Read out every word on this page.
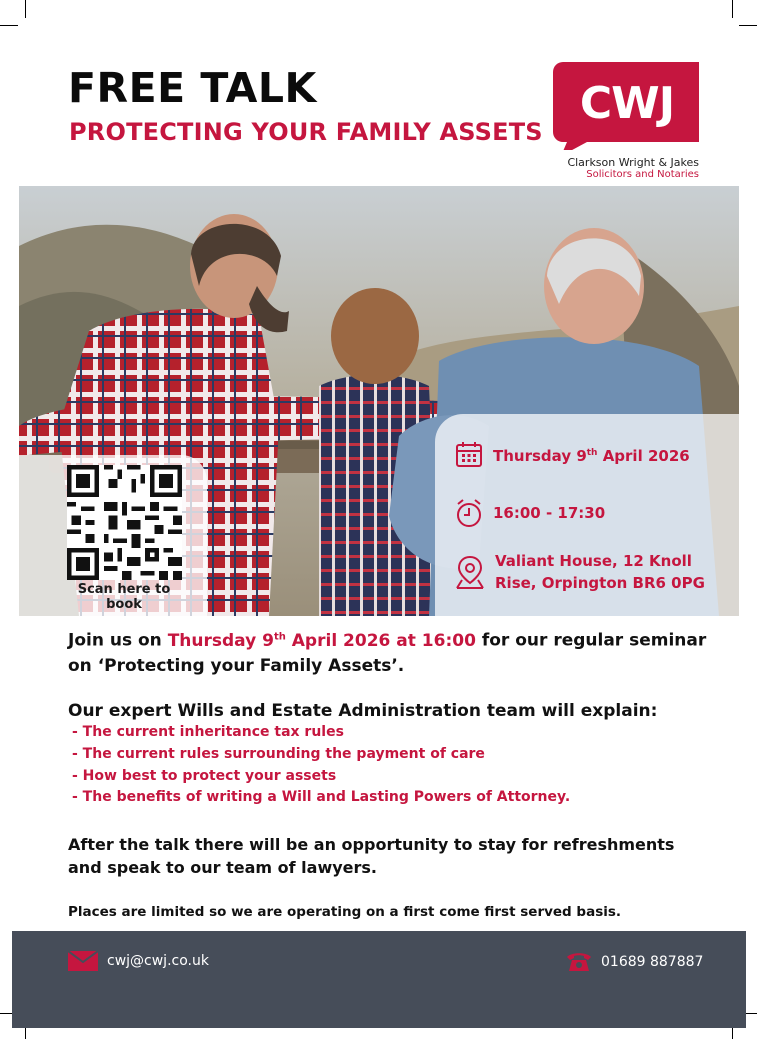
FREE TALK
PROTECTING YOUR FAMILY ASSETS
CWJ
Clarkson Wright & Jakes
Solicitors and Notaries
Scan here to book
Thursday 9th April 2026
16:00 - 17:30
Valiant House, 12 Knoll
Rise, Orpington BR6 0PG

Join us on Thursday 9th April 2026 at 16:00 for our regular seminar on ‘Protecting your Family Assets’.

Our expert Wills and Estate Administration team will explain:

- The current inheritance tax rules
- The current rules surrounding the payment of care
- How best to protect your assets
- The benefits of writing a Will and Lasting Powers of Attorney.

After the talk there will be an opportunity to stay for refreshments and speak to our team of lawyers.

Places are limited so we are operating on a first come first served basis.

cwj@cwj.co.uk	01689 887887
